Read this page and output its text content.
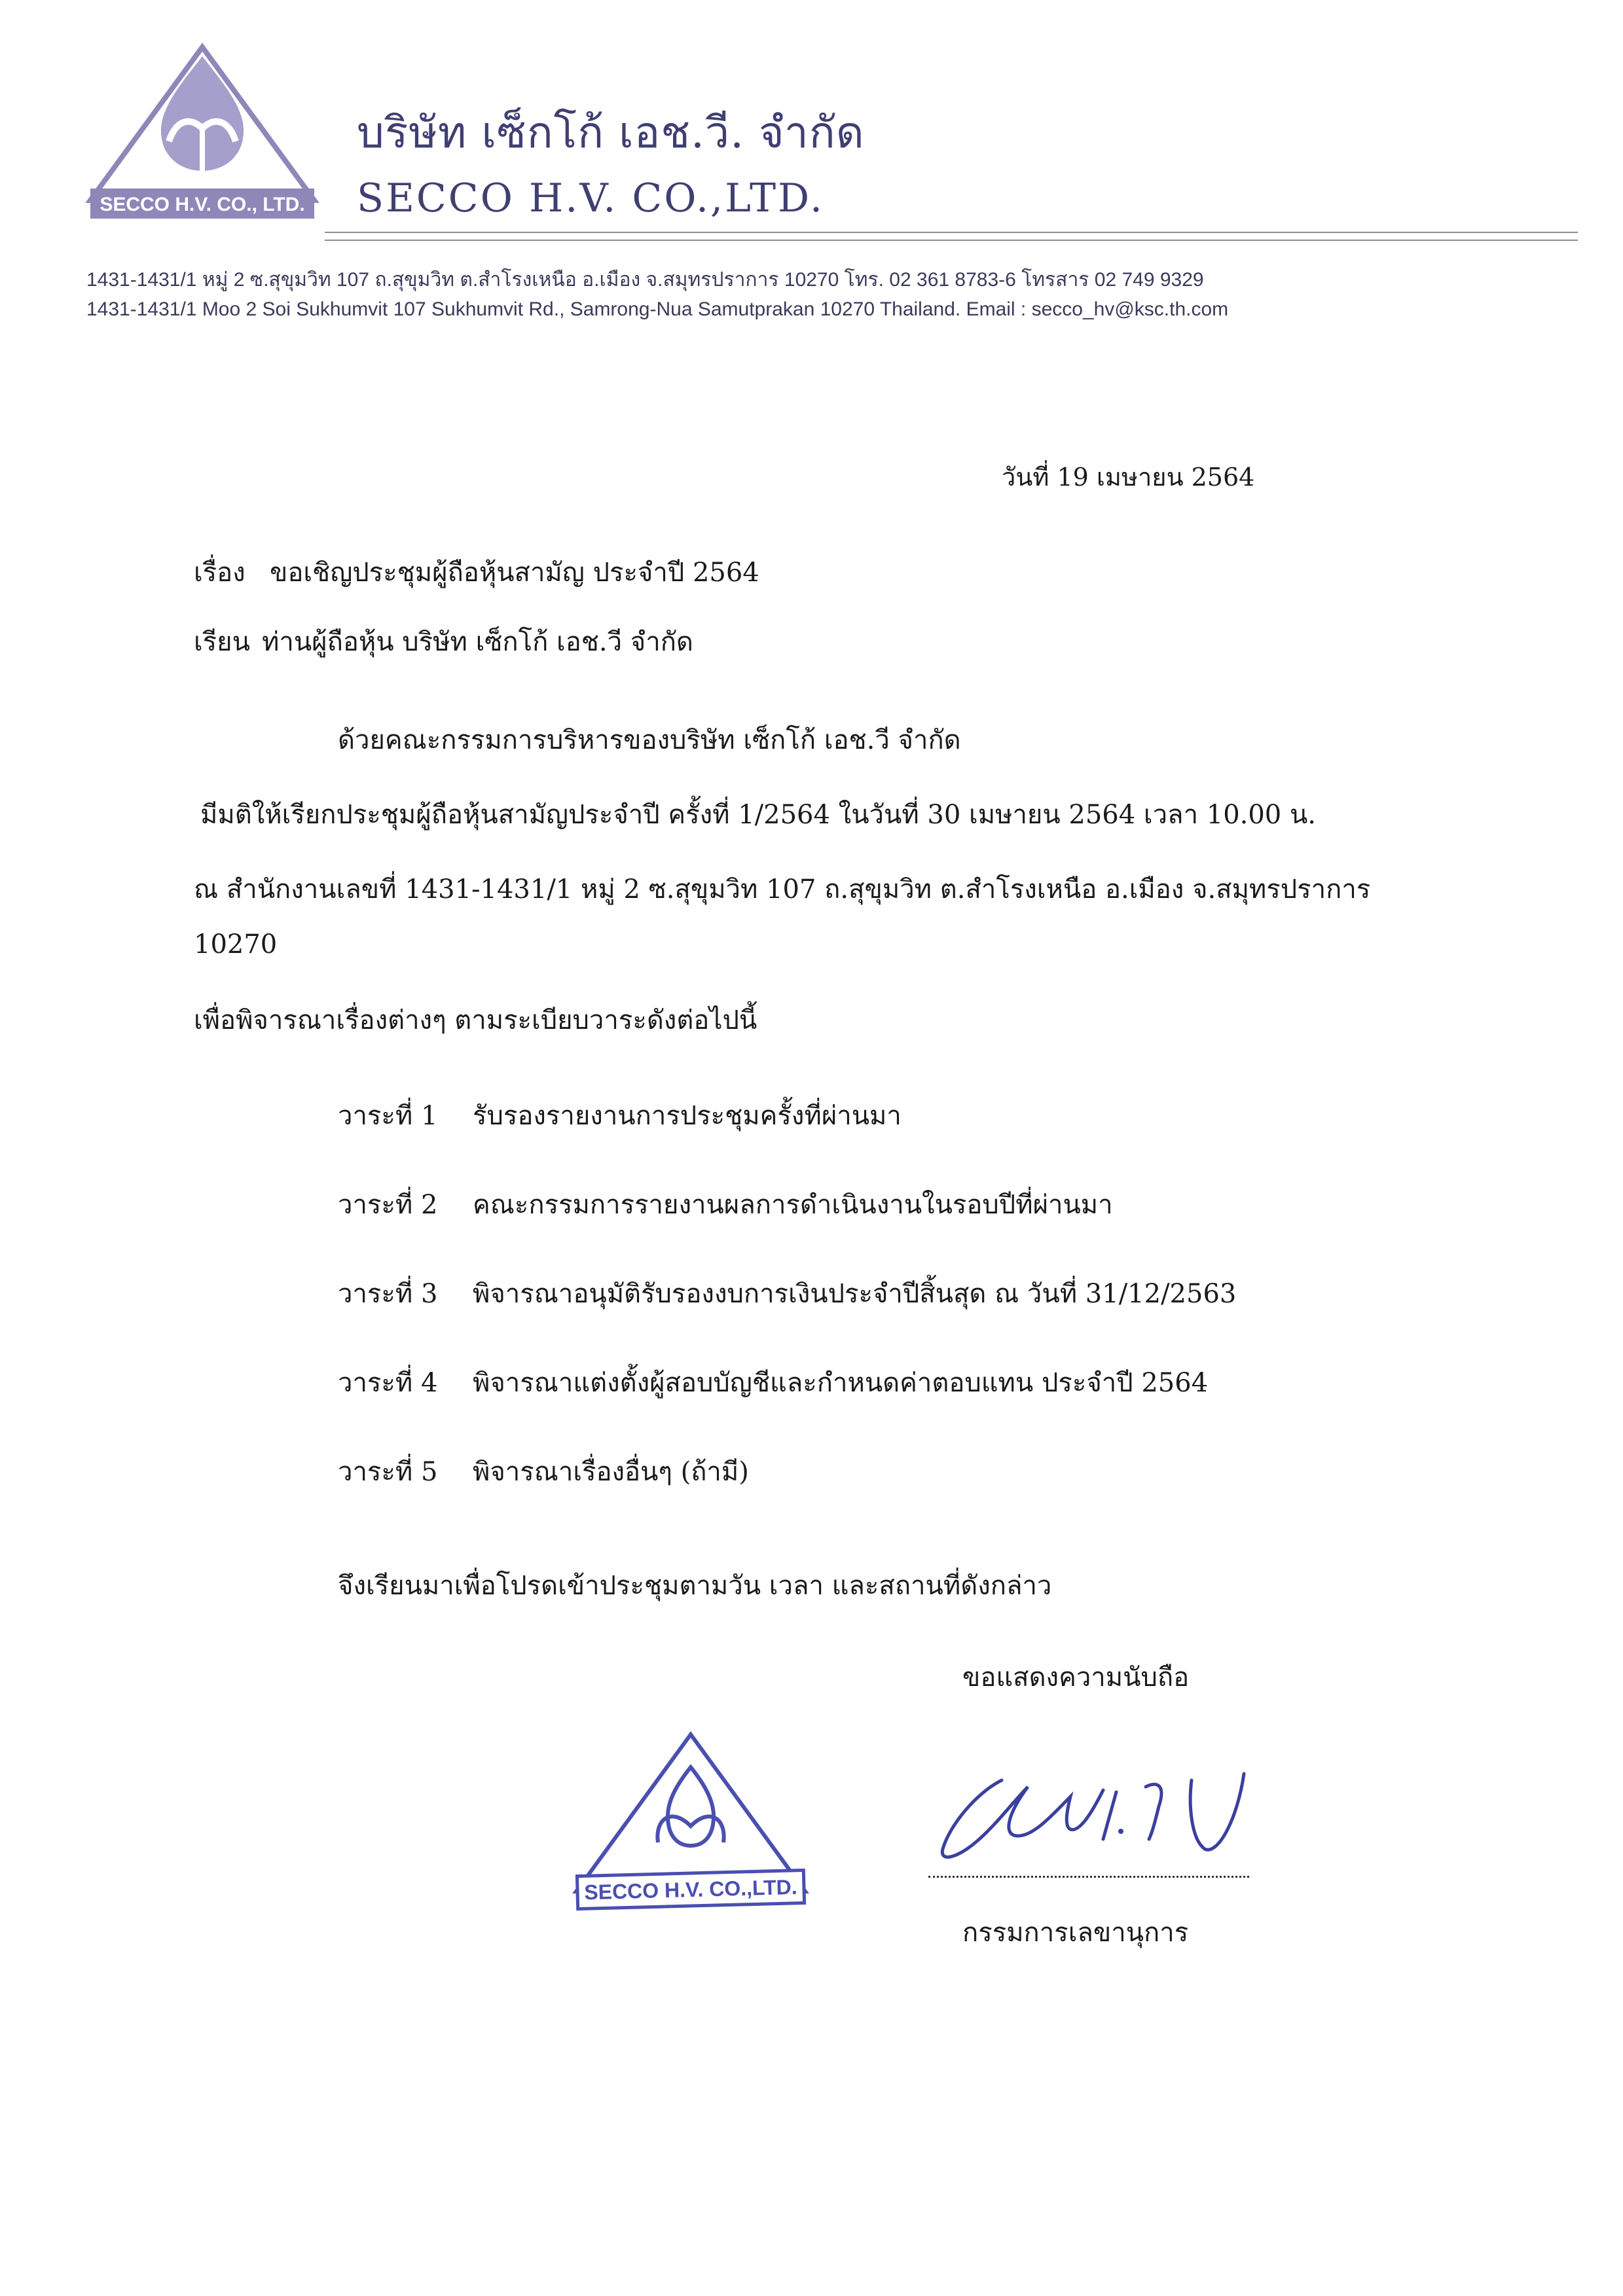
SECCO H.V. CO., LTD.
บริษัท เซ็กโก้ เอช.วี. จำกัด
SECCO H.V. CO.,LTD.
1431-1431/1 หมู่ 2 ซ.สุขุมวิท 107 ถ.สุขุมวิท ต.สำโรงเหนือ อ.เมือง จ.สมุทรปราการ 10270 โทร. 02 361 8783-6 โทรสาร 02 749 9329
1431-1431/1 Moo 2 Soi Sukhumvit 107 Sukhumvit Rd., Samrong-Nua Samutprakan 10270 Thailand. Email : secco_hv@ksc.th.com
วันที่ 19 เมษายน 2564
เรื่อง ขอเชิญประชุมผู้ถือหุ้นสามัญ ประจำปี 2564
เรียน ท่านผู้ถือหุ้น บริษัท เซ็กโก้ เอช.วี จำกัด
ด้วยคณะกรรมการบริหารของบริษัท เซ็กโก้ เอช.วี จำกัด
มีมติให้เรียกประชุมผู้ถือหุ้นสามัญประจำปี ครั้งที่ 1/2564 ในวันที่ 30 เมษายน 2564 เวลา 10.00 น.
ณ สำนักงานเลขที่ 1431-1431/1 หมู่ 2 ซ.สุขุมวิท 107 ถ.สุขุมวิท ต.สำโรงเหนือ อ.เมือง จ.สมุทรปราการ
10270
เพื่อพิจารณาเรื่องต่างๆ ตามระเบียบวาระดังต่อไปนี้
วาระที่ 1 รับรองรายงานการประชุมครั้งที่ผ่านมา
วาระที่ 2 คณะกรรมการรายงานผลการดำเนินงานในรอบปีที่ผ่านมา
วาระที่ 3 พิจารณาอนุมัติรับรองงบการเงินประจำปีสิ้นสุด ณ วันที่ 31/12/2563
วาระที่ 4 พิจารณาแต่งตั้งผู้สอบบัญชีและกำหนดค่าตอบแทน ประจำปี 2564
วาระที่ 5 พิจารณาเรื่องอื่นๆ (ถ้ามี)
จึงเรียนมาเพื่อโปรดเข้าประชุมตามวัน เวลา และสถานที่ดังกล่าว
ขอแสดงความนับถือ
SECCO H.V. CO.,LTD.
กรรมการเลขานุการ
